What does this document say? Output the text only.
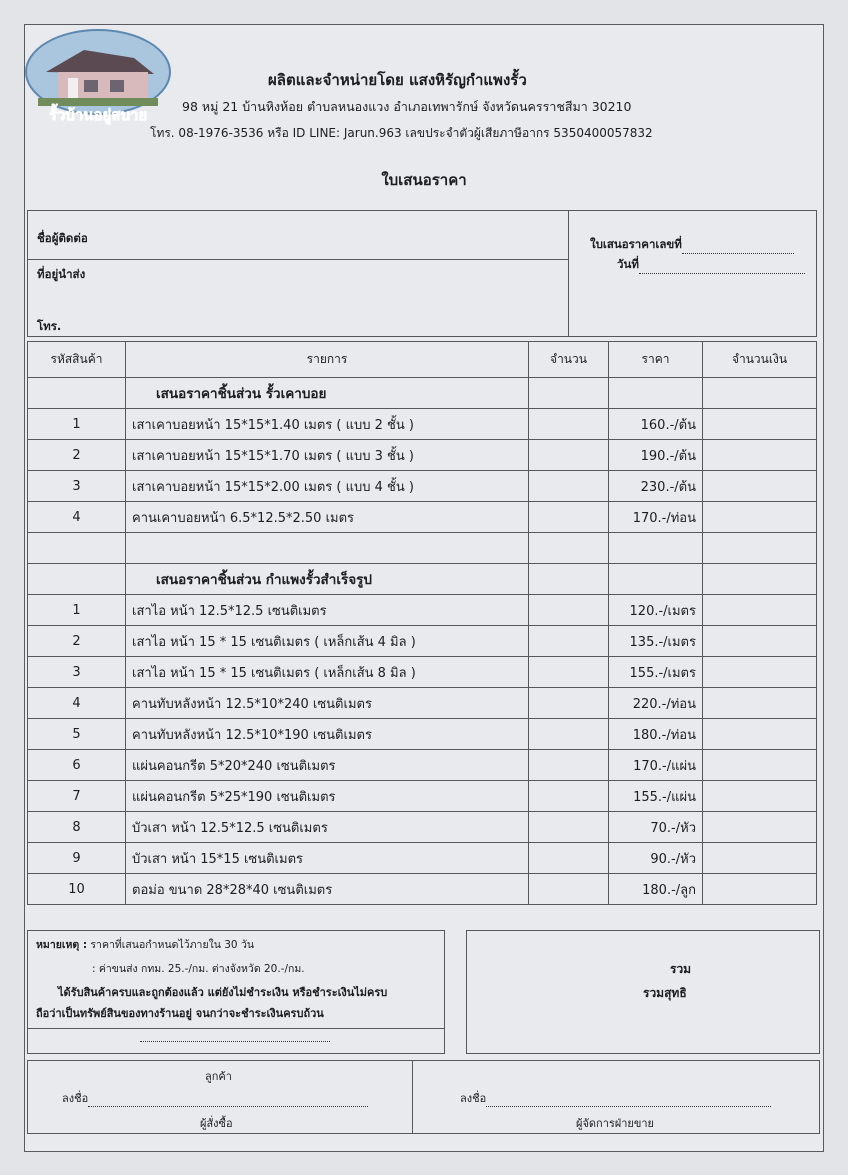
รั้วบ้านอยู่สบาย
ผลิตและจำหน่ายโดย แสงหิรัญกำแพงรั้ว
98 หมู่ 21 บ้านหิงห้อย ตำบลหนองแวง อำเภอเทพารักษ์ จังหวัดนครราชสีมา 30210
โทร. 08-1976-3536 หรือ ID LINE: Jarun.963 เลขประจำตัวผู้เสียภาษีอากร 5350400057832
ใบเสนอราคา
ชื่อผู้ติดต่อ
ที่อยู่นำส่ง
โทร.
ใบเสนอราคาเลขที่
วันที่
รหัสสินค้า	รายการ	จำนวน	ราคา	จำนวนเงิน
	เสนอราคาชิ้นส่วน รั้วเคาบอย			
1	เสาเคาบอยหน้า 15*15*1.40 เมตร ( แบบ 2 ชั้น )		160.-/ต้น	
2	เสาเคาบอยหน้า 15*15*1.70 เมตร ( แบบ 3 ชั้น )		190.-/ต้น	
3	เสาเคาบอยหน้า 15*15*2.00 เมตร ( แบบ 4 ชั้น )		230.-/ต้น	
4	คานเคาบอยหน้า 6.5*12.5*2.50 เมตร		170.-/ท่อน	

	เสนอราคาชิ้นส่วน กำแพงรั้วสำเร็จรูป			
1	เสาไอ หน้า 12.5*12.5 เซนติเมตร		120.-/เมตร	
2	เสาไอ หน้า 15 * 15 เซนติเมตร ( เหล็กเส้น 4 มิล )		135.-/เมตร	
3	เสาไอ หน้า 15 * 15 เซนติเมตร ( เหล็กเส้น 8 มิล )		155.-/เมตร	
4	คานทับหลังหน้า 12.5*10*240 เซนติเมตร		220.-/ท่อน	
5	คานทับหลังหน้า 12.5*10*190 เซนติเมตร		180.-/ท่อน	
6	แผ่นคอนกรีต 5*20*240 เซนติเมตร		170.-/แผ่น	
7	แผ่นคอนกรีต 5*25*190 เซนติเมตร		155.-/แผ่น	
8	บัวเสา หน้า 12.5*12.5 เซนติเมตร		70.-/หัว	
9	บัวเสา หน้า 15*15 เซนติเมตร		90.-/หัว	
10	ตอม่อ ขนาด 28*28*40 เซนติเมตร		180.-/ลูก	
หมายเหตุ : ราคาที่เสนอกำหนดไว้ภายใน 30 วัน
: ค่าขนส่ง กทม. 25.-/กม. ต่างจังหวัด 20.-/กม.
ได้รับสินค้าครบและถูกต้องแล้ว แต่ยังไม่ชำระเงิน หรือชำระเงินไม่ครบ
ถือว่าเป็นทรัพย์สินของทางร้านอยู่ จนกว่าจะชำระเงินครบถ้วน
รวม
รวมสุทธิ
ลูกค้า
ลงชื่อ
ผู้สั่งซื้อ
ลงชื่อ
ผู้จัดการฝ่ายขาย
